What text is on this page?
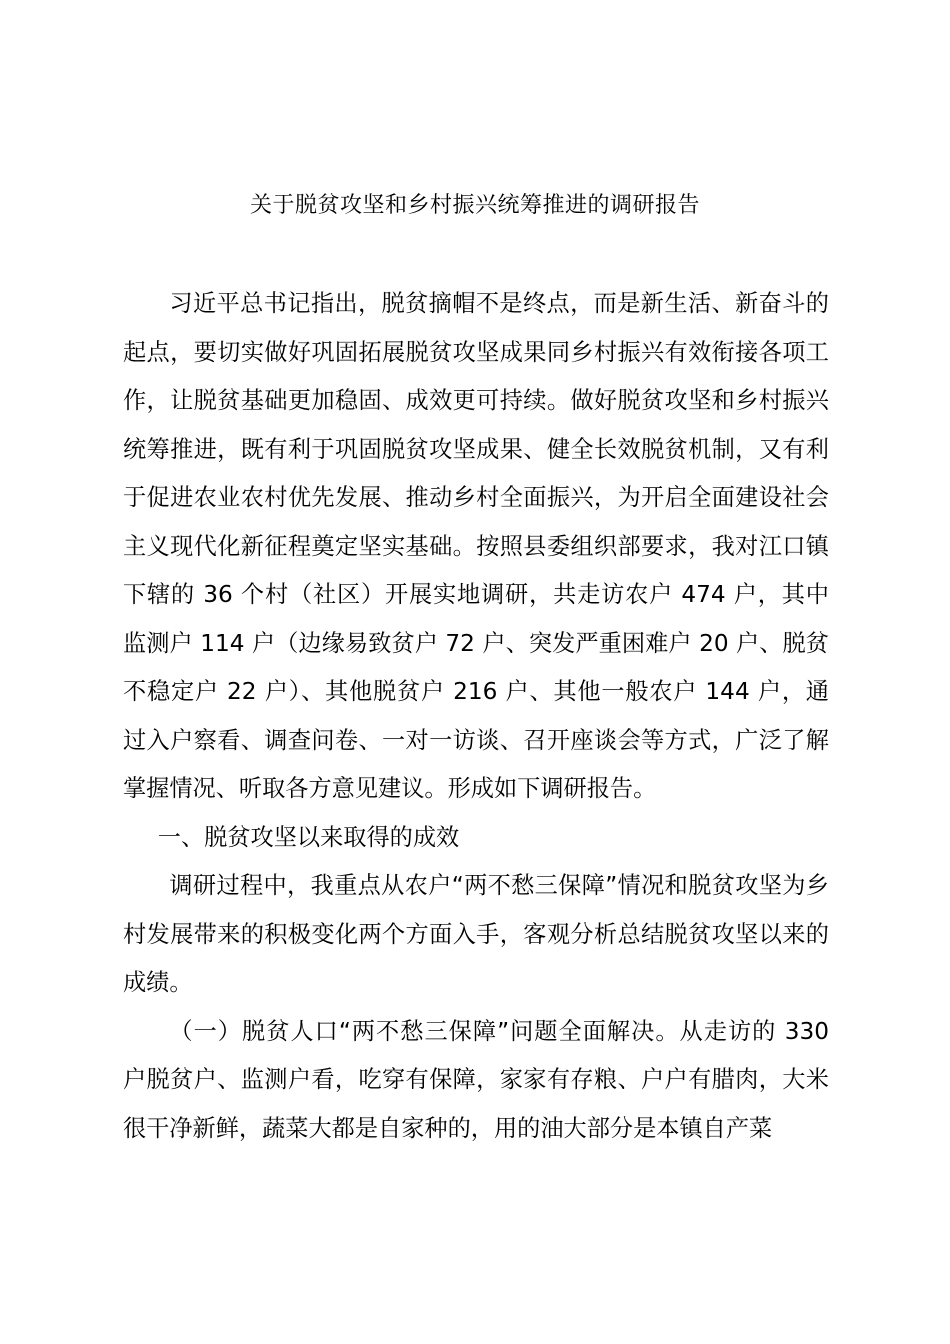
关于脱贫攻坚和乡村振兴统筹推进的调研报告

习近平总书记指出，脱贫摘帽不是终点，而是新生活、新奋斗的起点，要切实做好巩固拓展脱贫攻坚成果同乡村振兴有效衔接各项工作，让脱贫基础更加稳固、成效更可持续。做好脱贫攻坚和乡村振兴统筹推进，既有利于巩固脱贫攻坚成果、健全长效脱贫机制，又有利于促进农业农村优先发展、推动乡村全面振兴，为开启全面建设社会主义现代化新征程奠定坚实基础。按照县委组织部要求，我对江口镇下辖的 36 个村（社区）开展实地调研，共走访农户 474 户，其中监测户 114 户（边缘易致贫户 72 户、突发严重困难户 20 户、脱贫不稳定户 22 户）、其他脱贫户 216 户、其他一般农户 144 户，通过入户察看、调查问卷、一对一访谈、召开座谈会等方式，广泛了解掌握情况、听取各方意见建议。形成如下调研报告。

一、脱贫攻坚以来取得的成效

调研过程中，我重点从农户“两不愁三保障”情况和脱贫攻坚为乡村发展带来的积极变化两个方面入手，客观分析总结脱贫攻坚以来的成绩。

（一）脱贫人口“两不愁三保障”问题全面解决。从走访的 330 户脱贫户、监测户看，吃穿有保障，家家有存粮、户户有腊肉，大米很干净新鲜，蔬菜大都是自家种的，用的油大部分是本镇自产菜
